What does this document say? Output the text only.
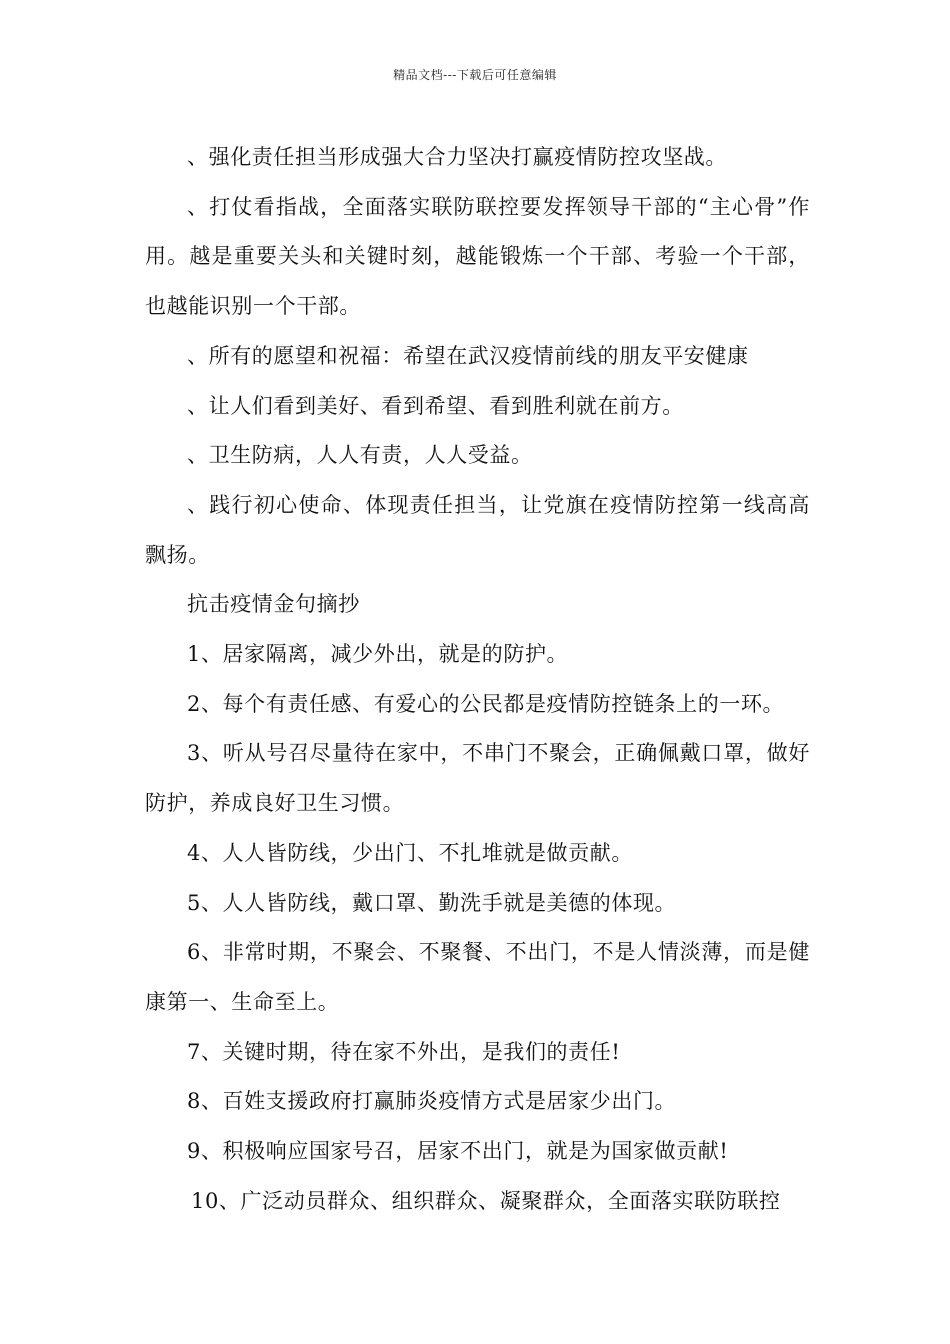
精品文档---下载后可任意编辑

、强化责任担当形成强大合力坚决打赢疫情防控攻坚战。

、打仗看指战，全面落实联防联控要发挥领导干部的“主心骨”作用。越是重要关头和关键时刻，越能锻炼一个干部、考验一个干部，也越能识别一个干部。

、所有的愿望和祝福：希望在武汉疫情前线的朋友平安健康

、让人们看到美好、看到希望、看到胜利就在前方。

、卫生防病，人人有责，人人受益。

、践行初心使命、体现责任担当，让党旗在疫情防控第一线高高飘扬。

抗击疫情金句摘抄

1、居家隔离，减少外出，就是的防护。

2、每个有责任感、有爱心的公民都是疫情防控链条上的一环。

3、听从号召尽量待在家中，不串门不聚会，正确佩戴口罩，做好防护，养成良好卫生习惯。

4、人人皆防线，少出门、不扎堆就是做贡献。

5、人人皆防线，戴口罩、勤洗手就是美德的体现。

6、非常时期，不聚会、不聚餐、不出门，不是人情淡薄，而是健康第一、生命至上。

7、关键时期，待在家不外出，是我们的责任!

8、百姓支援政府打赢肺炎疫情方式是居家少出门。

9、积极响应国家号召，居家不出门，就是为国家做贡献!

10、广泛动员群众、组织群众、凝聚群众，全面落实联防联控
